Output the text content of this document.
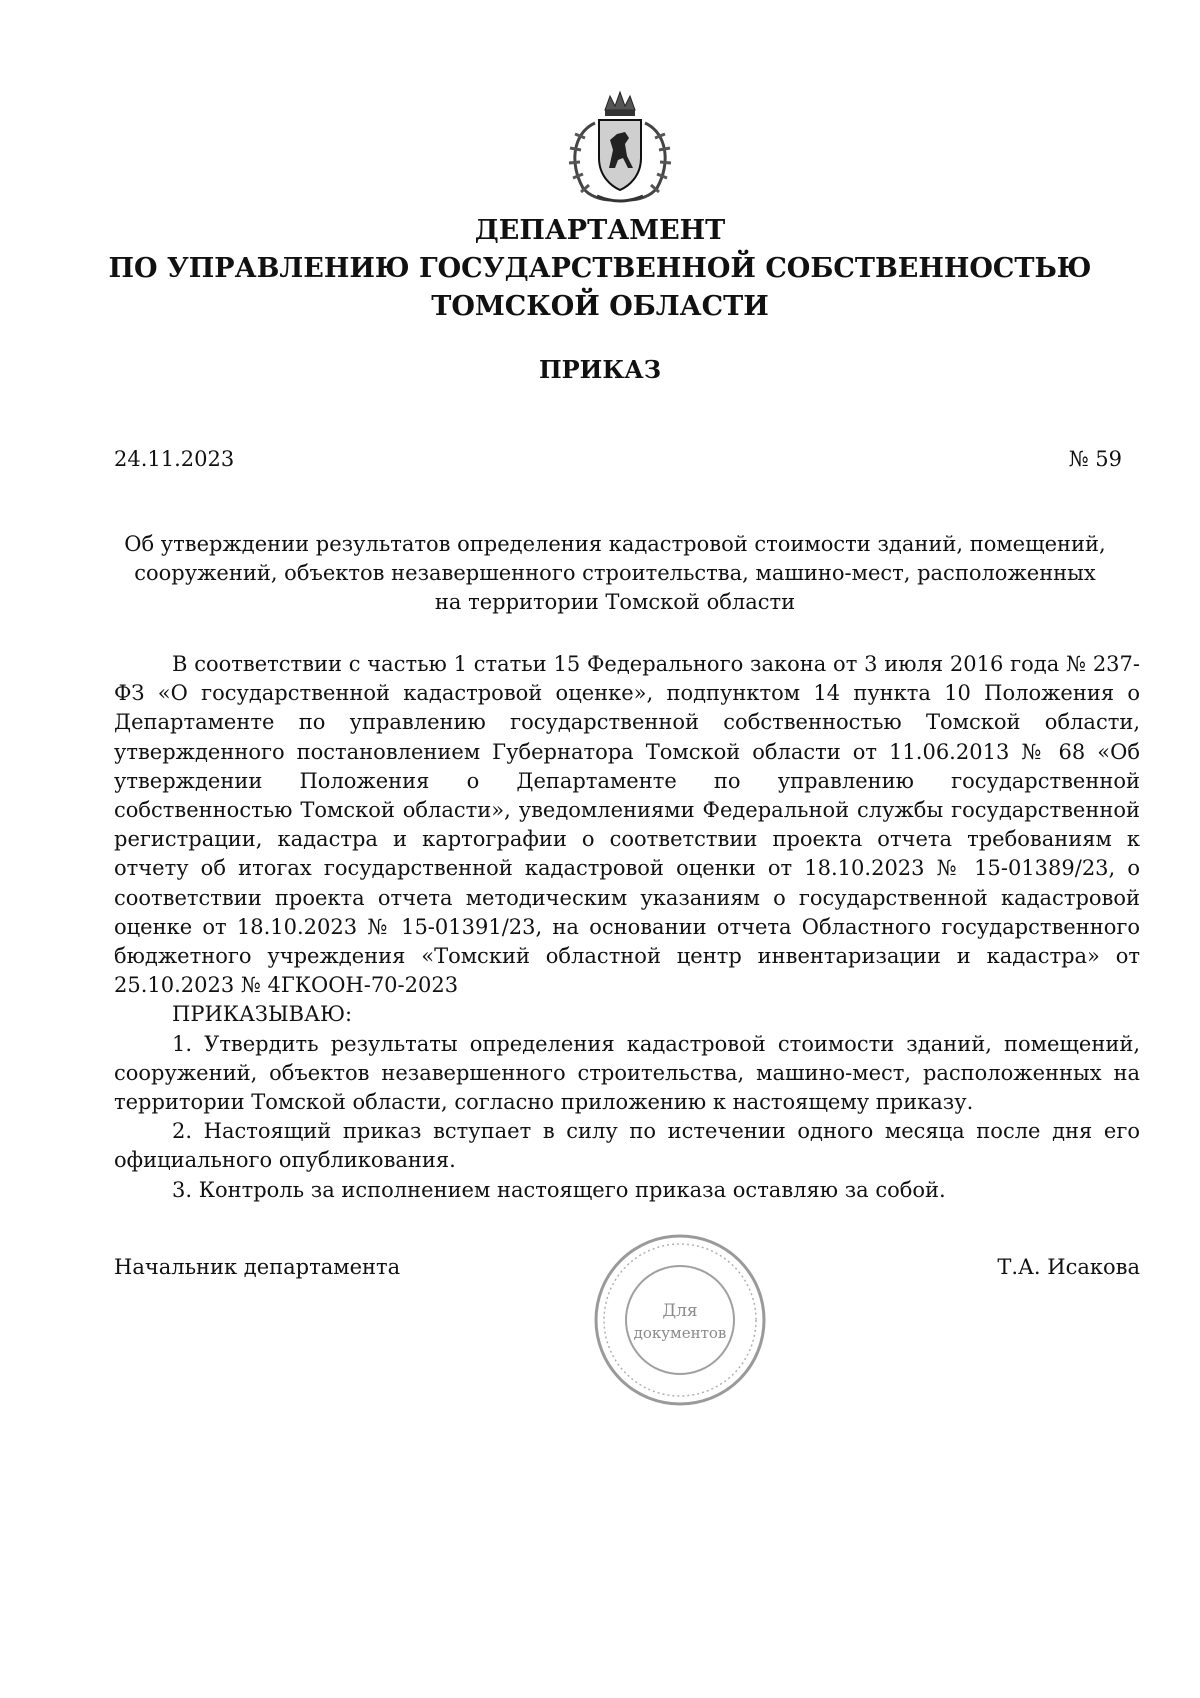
ДЕПАРТАМЕНТ
ПО УПРАВЛЕНИЮ ГОСУДАРСТВЕННОЙ СОБСТВЕННОСТЬЮ
ТОМСКОЙ ОБЛАСТИ
ПРИКАЗ
24.11.2023	№ 59
Об утверждении результатов определения кадастровой стоимости зданий, помещений, сооружений, объектов незавершенного строительства, машино-мест, расположенных на территории Томской области

В соответствии с частью 1 статьи 15 Федерального закона от 3 июля 2016 года № 237-ФЗ «О государственной кадастровой оценке», подпунктом 14 пункта 10 Положения о Департаменте по управлению государственной собственностью Томской области, утвержденного постановлением Губернатора Томской области от 11.06.2013 № 68 «Об утверждении Положения о Департаменте по управлению государственной собственностью Томской области», уведомлениями Федеральной службы государственной регистрации, кадастра и картографии о соответствии проекта отчета требованиям к отчету об итогах государственной кадастровой оценки от 18.10.2023 № 15-01389/23, о соответствии проекта отчета методическим указаниям о государственной кадастровой оценке от 18.10.2023 № 15-01391/23, на основании отчета Областного государственного бюджетного учреждения «Томский областной центр инвентаризации и кадастра» от 25.10.2023 № 4ГКООН-70-2023

ПРИКАЗЫВАЮ:

1. Утвердить результаты определения кадастровой стоимости зданий, помещений, сооружений, объектов незавершенного строительства, машино-мест, расположенных на территории Томской области, согласно приложению к настоящему приказу.

2. Настоящий приказ вступает в силу по истечении одного месяца после дня его официального опубликования.

3. Контроль за исполнением настоящего приказа оставляю за собой.

Начальник департамента	Т.А. Исакова
Для
документов
